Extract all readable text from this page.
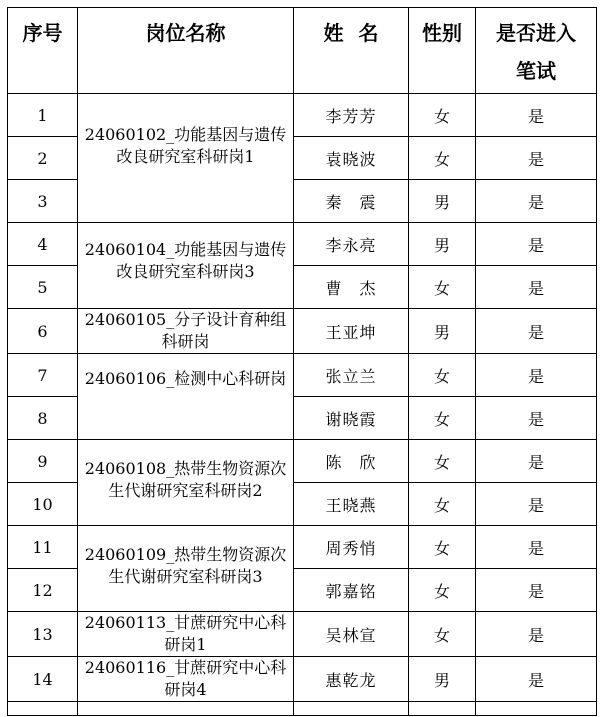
序号	岗位名称	姓 名	性别	是否进入笔试
1	24060102_功能基因与遗传改良研究室科研岗1	李芳芳	女	是
2		袁晓波	女	是
3		秦　震	男	是
4	24060104_功能基因与遗传改良研究室科研岗3	李永亮	男	是
5		曹　杰	女	是
6	24060105_分子设计育种组科研岗	王亚坤	男	是
7	24060106_检测中心科研岗	张立兰	女	是
8		谢晓霞	女	是
9	24060108_热带生物资源次生代谢研究室科研岗2	陈　欣	女	是
10		王晓燕	女	是
11	24060109_热带生物资源次生代谢研究室科研岗3	周秀悄	女	是
12		郭嘉铭	女	是
13	24060113_甘蔗研究中心科研岗1	吴林宣	女	是
14	24060116_甘蔗研究中心科研岗4	惠乾龙	男	是
